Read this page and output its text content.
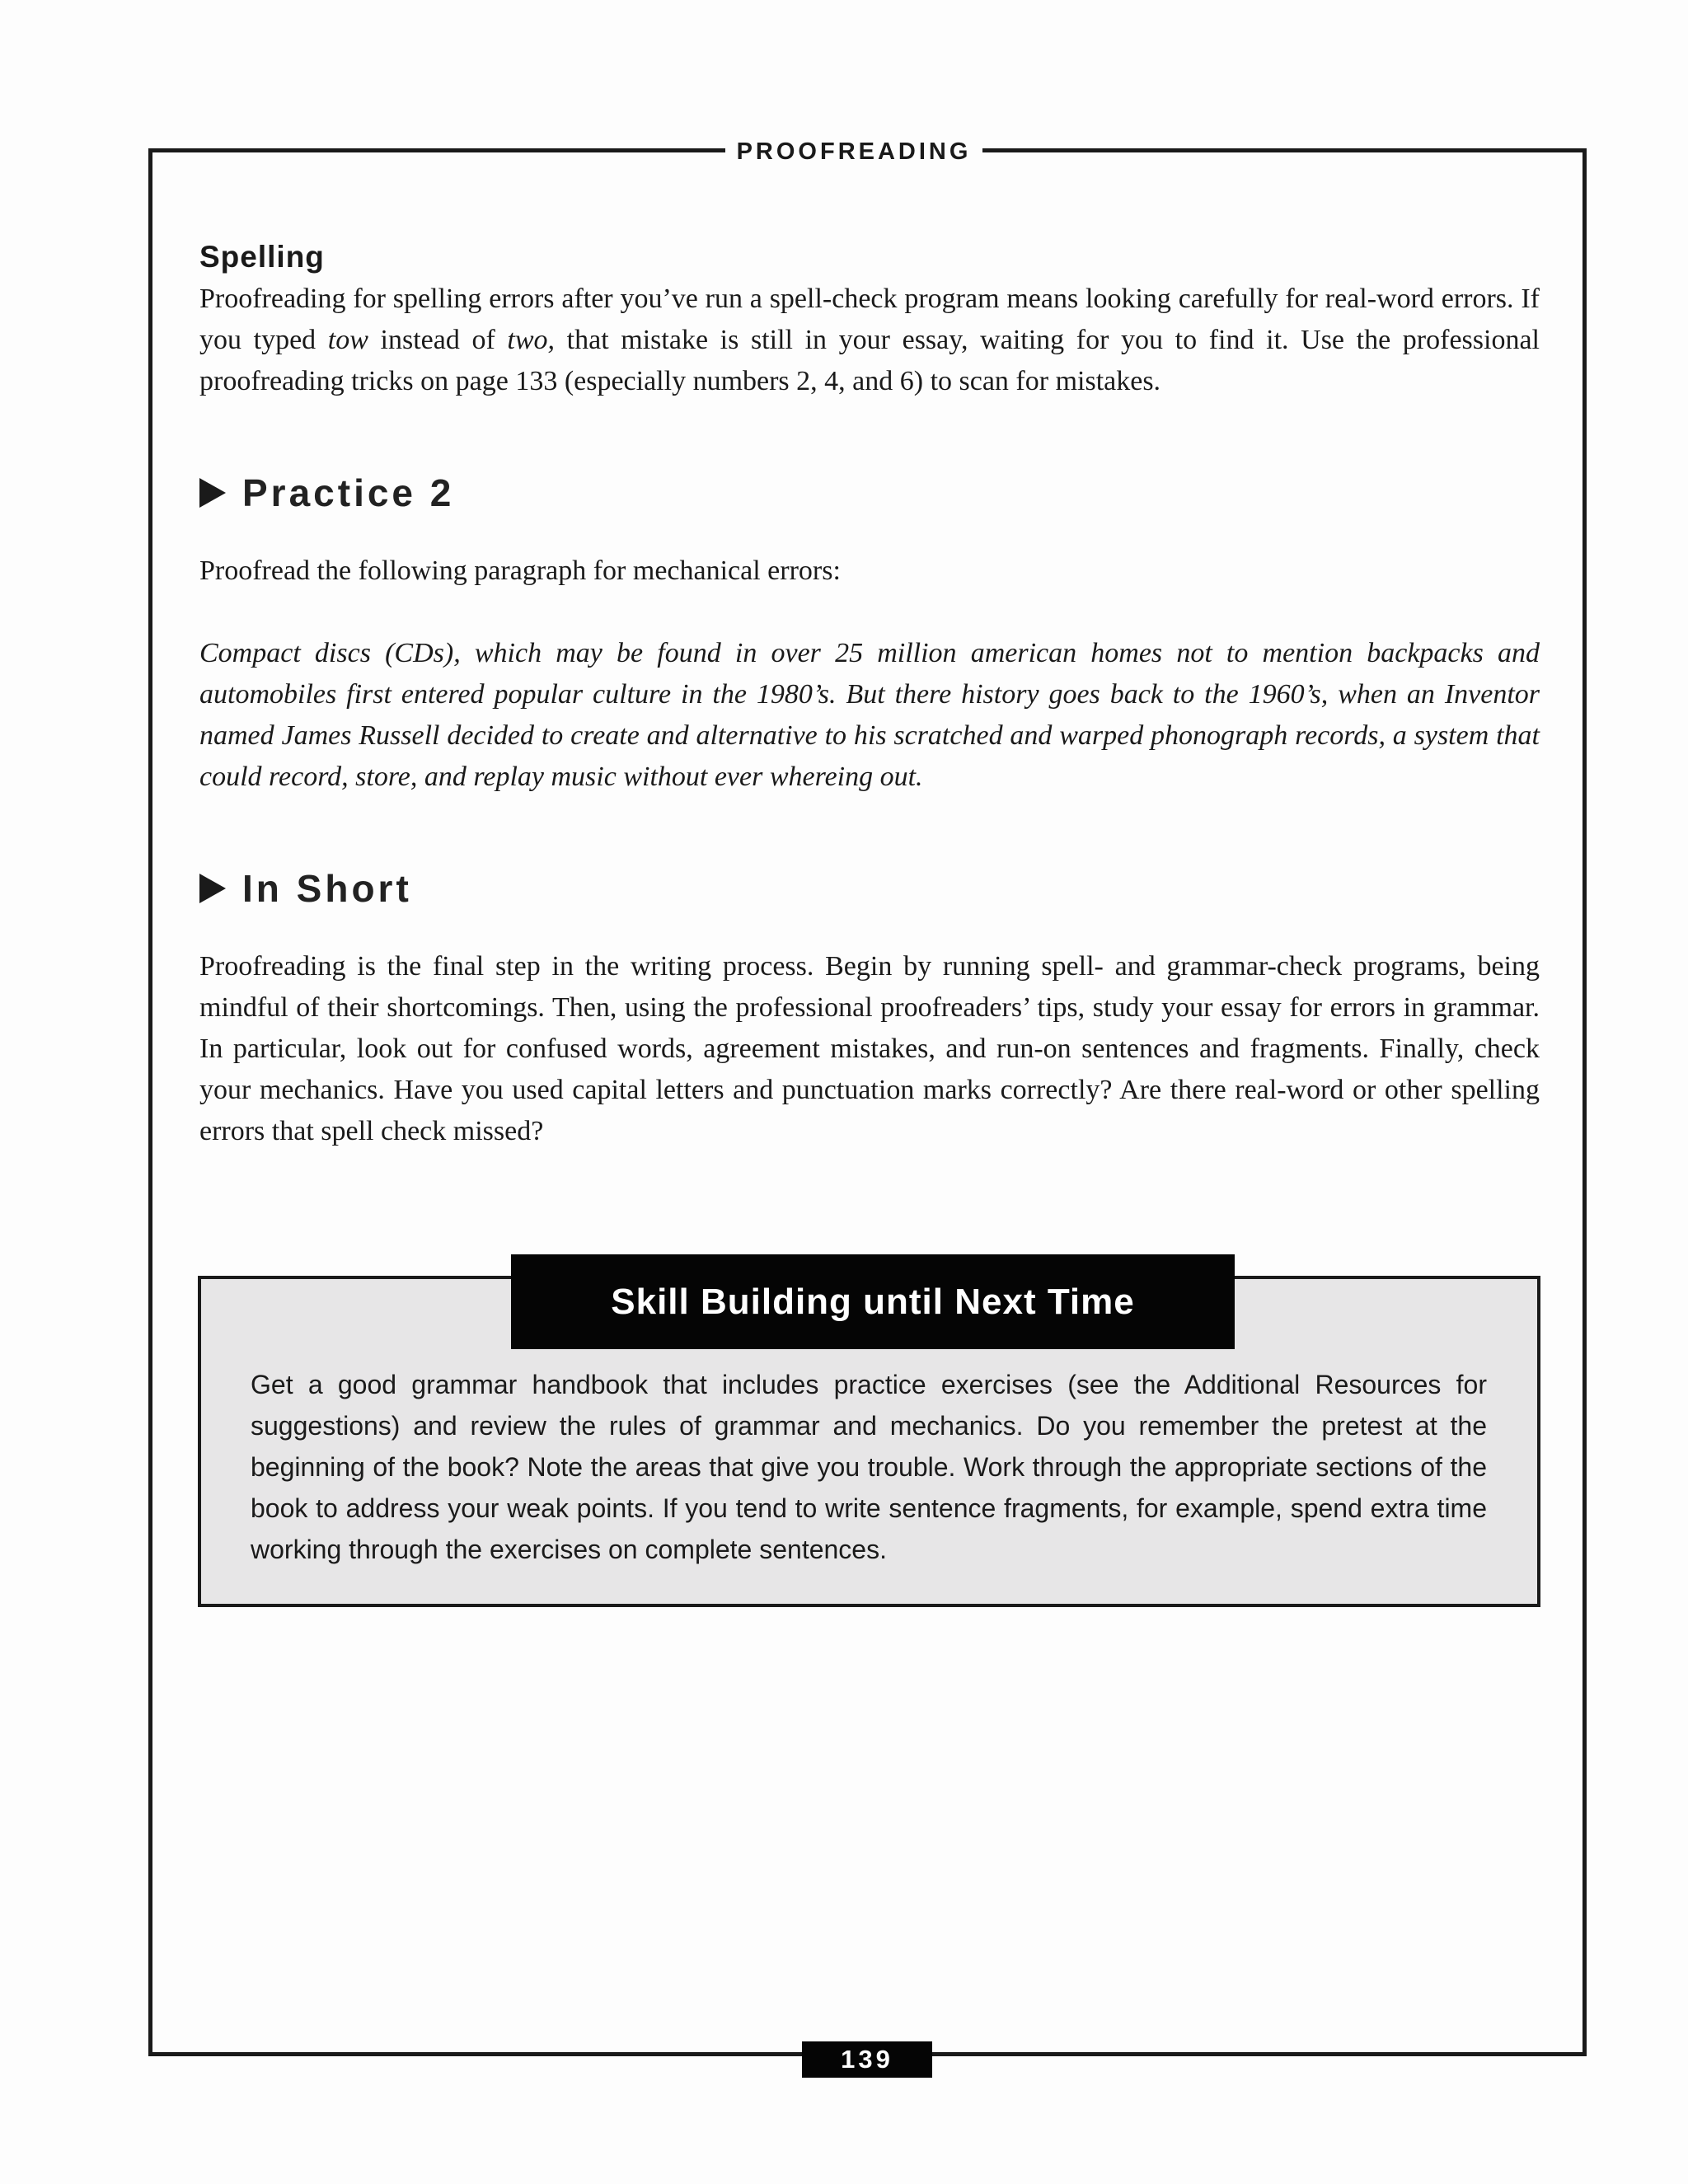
PROOFREADING
Spelling

Proofreading for spelling errors after you’ve run a spell-check program means looking carefully for real-word errors. If you typed tow instead of two, that mistake is still in your essay, waiting for you to find it. Use the professional proofreading tricks on page 133 (especially numbers 2, 4, and 6) to scan for mistakes.

Practice 2

Proofread the following paragraph for mechanical errors:

Compact discs (CDs), which may be found in over 25 million american homes not to mention backpacks and automobiles first entered popular culture in the 1980’s. But there history goes back to the 1960’s, when an Inventor named James Russell decided to create and alternative to his scratched and warped phonograph records, a system that could record, store, and replay music without ever whereing out.

In Short

Proofreading is the final step in the writing process. Begin by running spell- and grammar-check programs, being mindful of their shortcomings. Then, using the professional proofreaders’ tips, study your essay for errors in grammar. In particular, look out for confused words, agreement mistakes, and run-on sentences and fragments. Finally, check your mechanics. Have you used capital letters and punctuation marks correctly? Are there real-word or other spelling errors that spell check missed?

Skill Building until Next Time

Get a good grammar handbook that includes practice exercises (see the Additional Resources for suggestions) and review the rules of grammar and mechanics. Do you remember the pretest at the beginning of the book? Note the areas that give you trouble. Work through the appropriate sections of the book to address your weak points. If you tend to write sentence fragments, for example, spend extra time working through the exercises on complete sentences.

139
